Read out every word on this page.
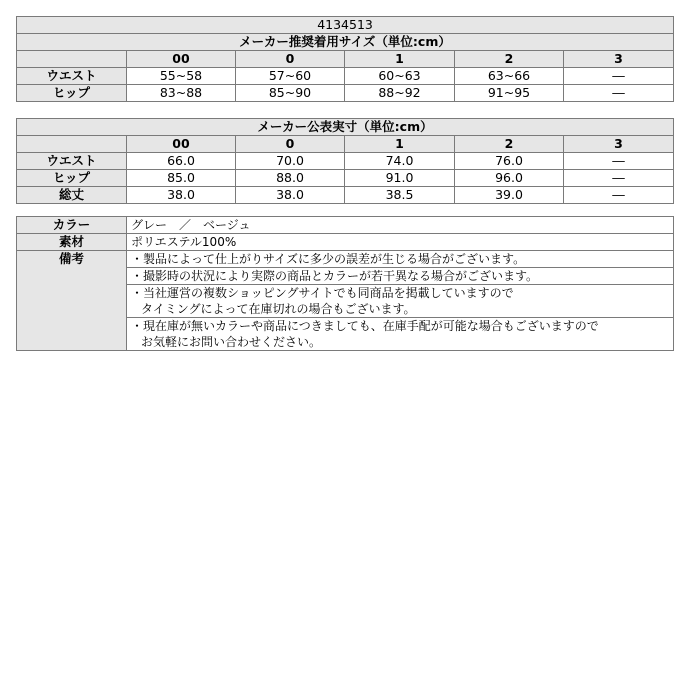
4134513					
メーカー推奨着用サイズ（単位:cm）					
	00	0	1	2	3
ウエスト	55~58	57~60	60~63	63~66	―
ヒップ	83~88	85~90	88~92	91~95	―
メーカー公表実寸（単位:cm）					
	00	0	1	2	3
ウエスト	66.0	70.0	74.0	76.0	―
ヒップ	85.0	88.0	91.0	96.0	―
総丈	38.0	38.0	38.5	39.0	―
カラー	グレー　／　ベージュ
素材	ポリエステル100%
備考	・製品によって仕上がりサイズに多少の誤差が生じる場合がございます。

	・撮影時の状況により実際の商品とカラーが若干異なる場合がございます。

	・当社運営の複数ショッピングサイトでも同商品を掲載していますので
タイミングによって在庫切れの場合もございます。

	・現在庫が無いカラーや商品につきましても、在庫手配が可能な場合もございますので
お気軽にお問い合わせください。
